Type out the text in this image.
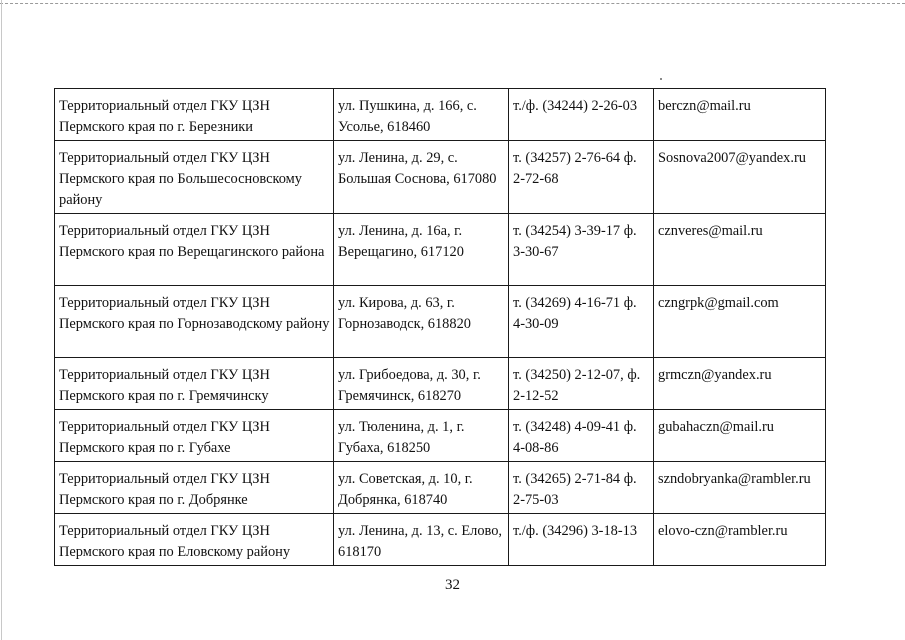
Территориальный отдел ГКУ ЦЗН Пермского края по г. Березники	ул. Пушкина, д. 166, с. Усолье, 618460	т./ф. (34244) 2-26-03	berczn@mail.ru
Территориальный отдел ГКУ ЦЗН Пермского края по Большесосновскому району	ул. Ленина, д. 29, с. Большая Соснова, 617080	т. (34257) 2-76-64 ф. 2-72-68	Sosnova2007@yandex.ru
Территориальный отдел ГКУ ЦЗН Пермского края по Верещагинского района	ул. Ленина, д. 16а, г. Верещагино, 617120	т. (34254) 3-39-17 ф. 3-30-67	cznveres@mail.ru
Территориальный отдел ГКУ ЦЗН Пермского края по Горнозаводскому району	ул. Кирова, д. 63, г. Горнозаводск, 618820	т. (34269) 4-16-71 ф. 4-30-09	czngrpk@gmail.com
Территориальный отдел ГКУ ЦЗН Пермского края по г. Гремячинску	ул. Грибоедова, д. 30, г. Гремячинск, 618270	т. (34250) 2-12-07, ф. 2-12-52	grmczn@yandex.ru
Территориальный отдел ГКУ ЦЗН Пермского края по г. Губахе	ул. Тюленина, д. 1, г. Губаха, 618250	т. (34248) 4-09-41 ф. 4-08-86	gubahaczn@mail.ru
Территориальный отдел ГКУ ЦЗН Пермского края по г. Добрянке	ул. Советская, д. 10, г. Добрянка, 618740	т. (34265) 2-71-84 ф. 2-75-03	szndobryanka@rambler.ru
Территориальный отдел ГКУ ЦЗН Пермского края по Еловскому району	ул. Ленина, д. 13, с. Елово, 618170	т./ф. (34296) 3-18-13	elovo-czn@rambler.ru
32
